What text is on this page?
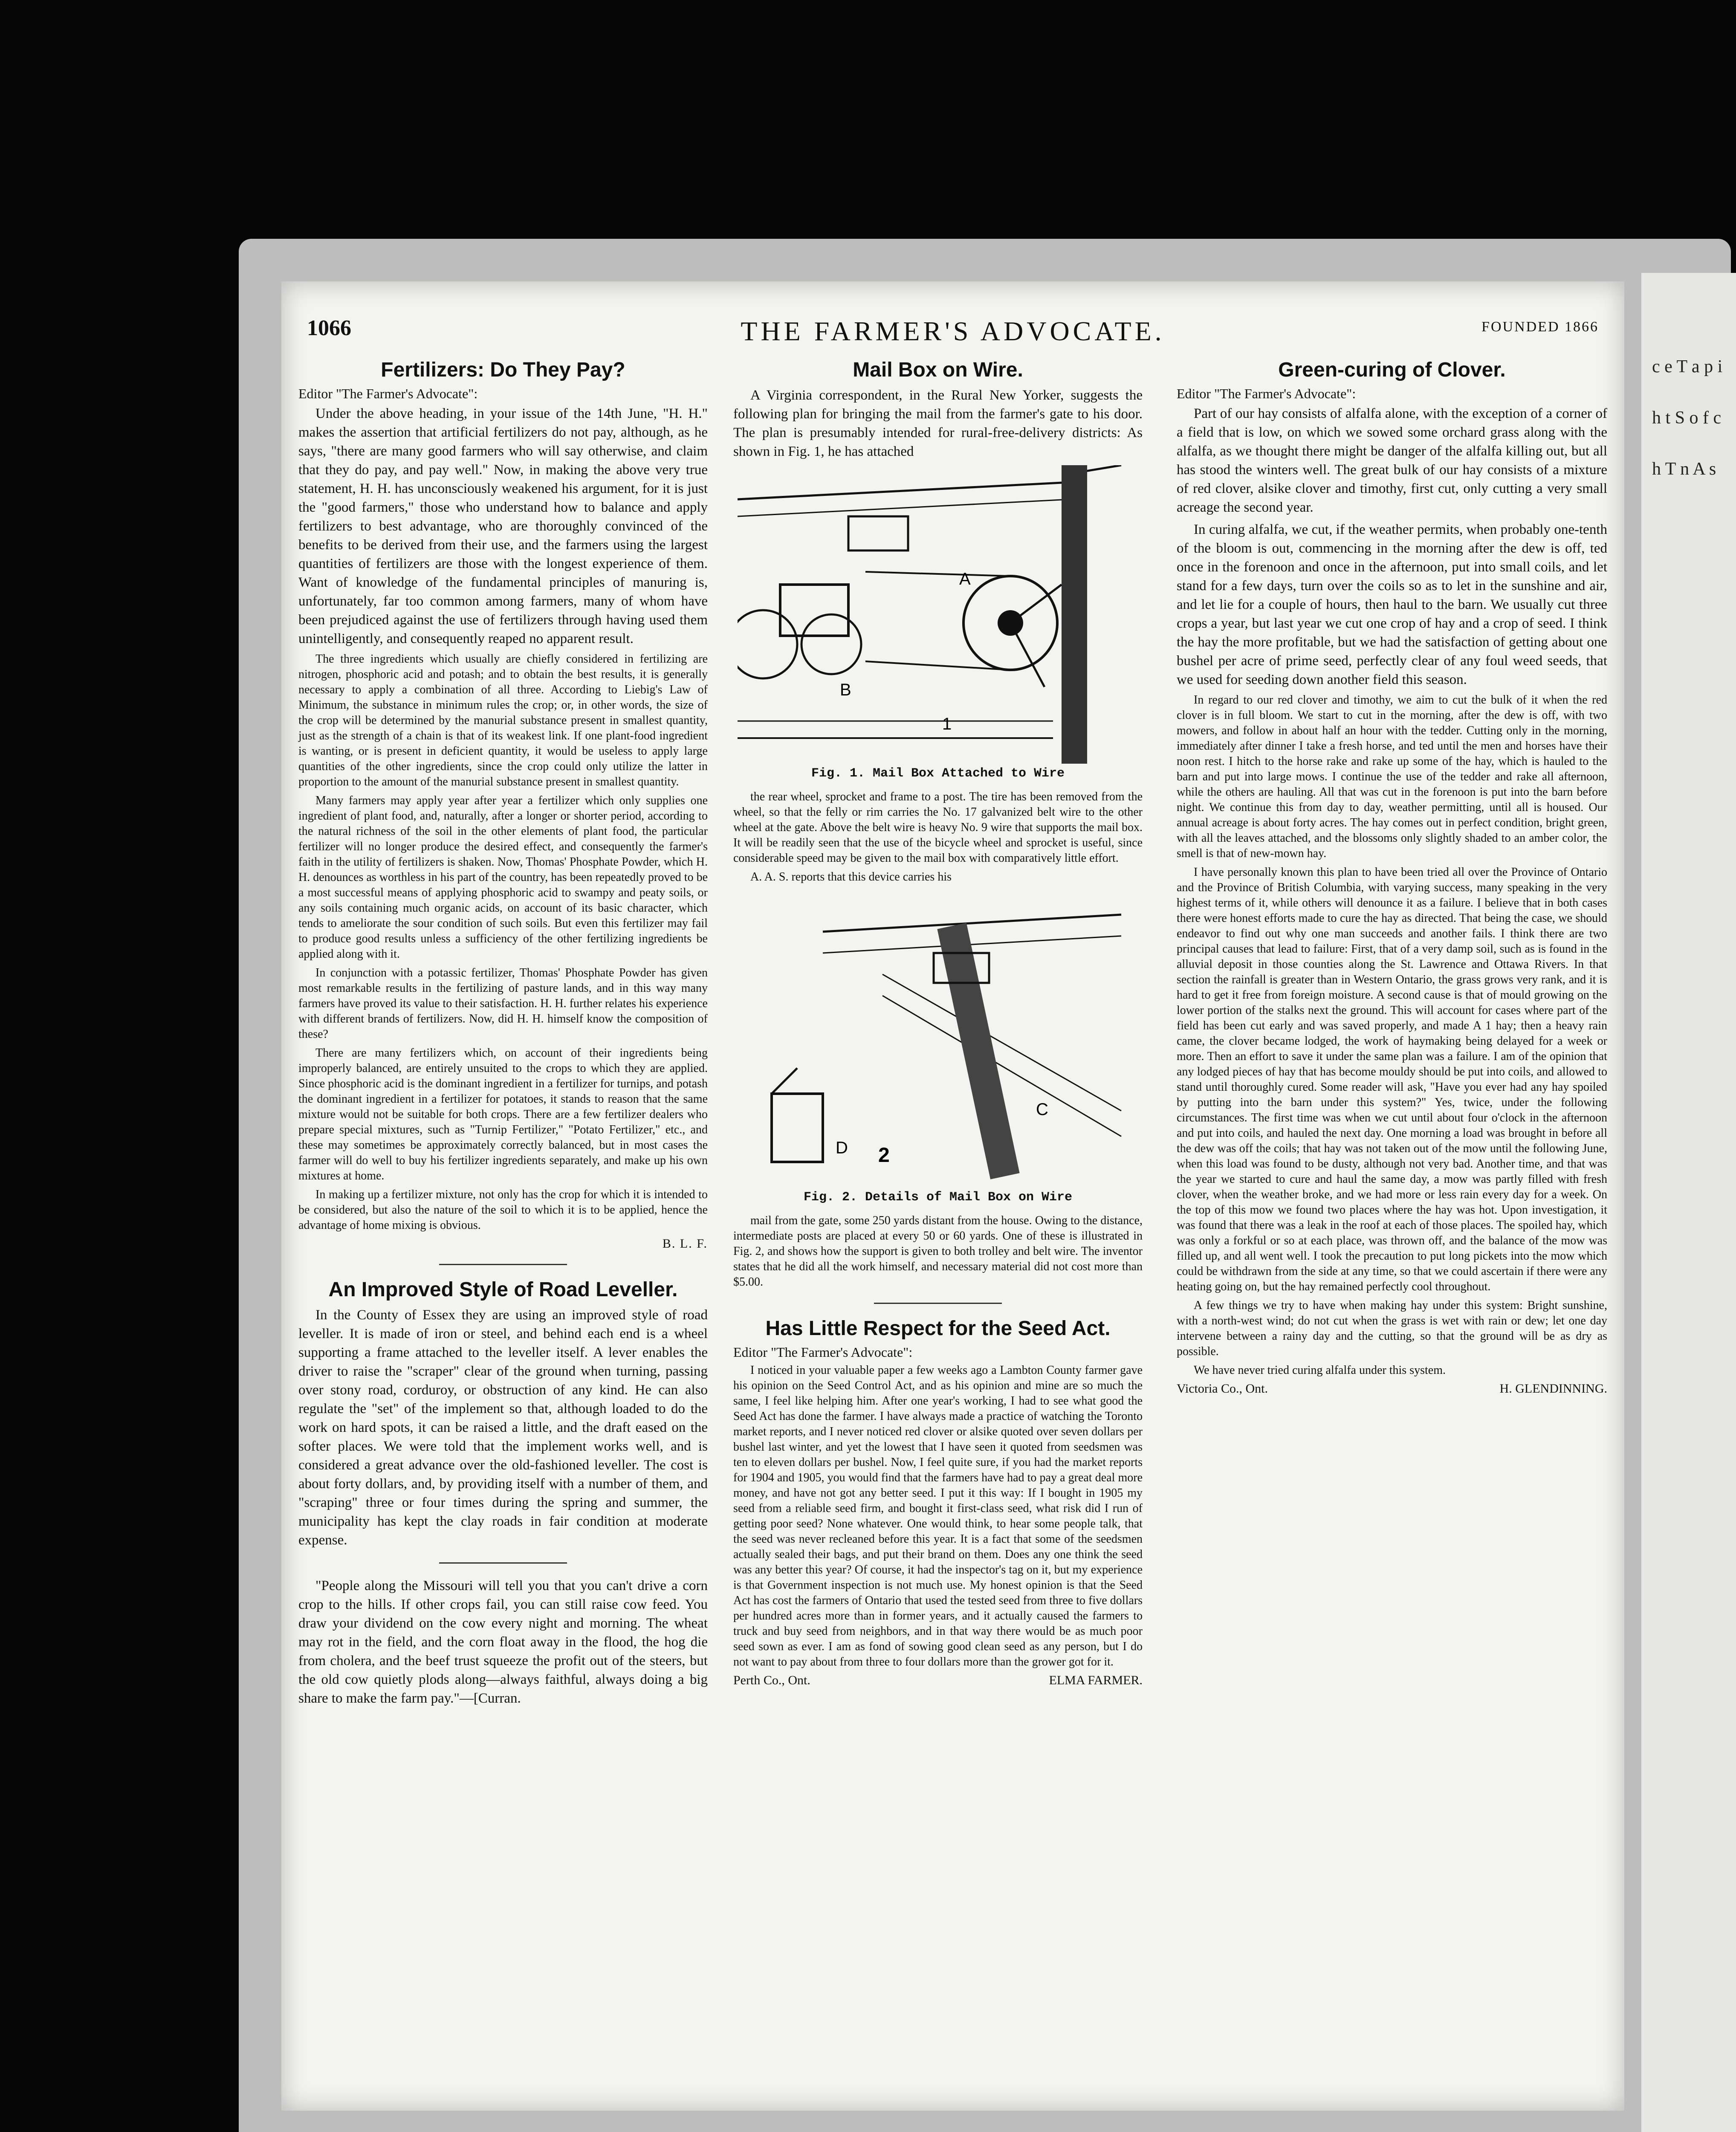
c e T a p i h t S o f c h T n A s
1066	THE FARMER'S ADVOCATE.	FOUNDED 1866
Fertilizers: Do They Pay?
Editor "The Farmer's Advocate":

Under the above heading, in your issue of the 14th June, "H. H." makes the assertion that artificial fertilizers do not pay, although, as he says, "there are many good farmers who will say otherwise, and claim that they do pay, and pay well." Now, in making the above very true statement, H. H. has unconsciously weakened his argument, for it is just the "good farmers," those who understand how to balance and apply fertilizers to best advantage, who are thoroughly convinced of the benefits to be derived from their use, and the farmers using the largest quantities of fertilizers are those with the longest experience of them. Want of knowledge of the fundamental principles of manuring is, unfortunately, far too common among farmers, many of whom have been prejudiced against the use of fertilizers through having used them unintelligently, and consequently reaped no apparent result.

The three ingredients which usually are chiefly considered in fertilizing are nitrogen, phosphoric acid and potash; and to obtain the best results, it is generally necessary to apply a combination of all three. According to Liebig's Law of Minimum, the substance in minimum rules the crop; or, in other words, the size of the crop will be determined by the manurial substance present in smallest quantity, just as the strength of a chain is that of its weakest link. If one plant-food ingredient is wanting, or is present in deficient quantity, it would be useless to apply large quantities of the other ingredients, since the crop could only utilize the latter in proportion to the amount of the manurial substance present in smallest quantity.

Many farmers may apply year after year a fertilizer which only supplies one ingredient of plant food, and, naturally, after a longer or shorter period, according to the natural richness of the soil in the other elements of plant food, the particular fertilizer will no longer produce the desired effect, and consequently the farmer's faith in the utility of fertilizers is shaken. Now, Thomas' Phosphate Powder, which H. H. denounces as worthless in his part of the country, has been repeatedly proved to be a most successful means of applying phosphoric acid to swampy and peaty soils, or any soils containing much organic acids, on account of its basic character, which tends to ameliorate the sour condition of such soils. But even this fertilizer may fail to produce good results unless a sufficiency of the other fertilizing ingredients be applied along with it.

In conjunction with a potassic fertilizer, Thomas' Phosphate Powder has given most remarkable results in the fertilizing of pasture lands, and in this way many farmers have proved its value to their satisfaction. H. H. further relates his experience with different brands of fertilizers. Now, did H. H. himself know the composition of these?

There are many fertilizers which, on account of their ingredients being improperly balanced, are entirely unsuited to the crops to which they are applied. Since phosphoric acid is the dominant ingredient in a fertilizer for turnips, and potash the dominant ingredient in a fertilizer for potatoes, it stands to reason that the same mixture would not be suitable for both crops. There are a few fertilizer dealers who prepare special mixtures, such as "Turnip Fertilizer," "Potato Fertilizer," etc., and these may sometimes be approximately correctly balanced, but in most cases the farmer will do well to buy his fertilizer ingredients separately, and make up his own mixtures at home.

In making up a fertilizer mixture, not only has the crop for which it is intended to be considered, but also the nature of the soil to which it is to be applied, hence the advantage of home mixing is obvious.

B. L. F.
An Improved Style of Road Leveller.

In the County of Essex they are using an improved style of road leveller. It is made of iron or steel, and behind each end is a wheel supporting a frame attached to the leveller itself. A lever enables the driver to raise the "scraper" clear of the ground when turning, passing over stony road, corduroy, or obstruction of any kind. He can also regulate the "set" of the implement so that, although loaded to do the work on hard spots, it can be raised a little, and the draft eased on the softer places. We were told that the implement works well, and is considered a great advance over the old-fashioned leveller. The cost is about forty dollars, and, by providing itself with a number of them, and "scraping" three or four times during the spring and summer, the municipality has kept the clay roads in fair condition at moderate expense.

"People along the Missouri will tell you that you can't drive a corn crop to the hills. If other crops fail, you can still raise cow feed. You draw your dividend on the cow every night and morning. The wheat may rot in the field, and the corn float away in the flood, the hog die from cholera, and the beef trust squeeze the profit out of the steers, but the old cow quietly plods along—always faithful, always doing a big share to make the farm pay."—[Curran.

Mail Box on Wire.

A Virginia correspondent, in the Rural New Yorker, suggests the following plan for bringing the mail from the farmer's gate to his door. The plan is presumably intended for rural-free-delivery districts: As shown in Fig. 1, he has attached

A
B
1
Fig. 1. Mail Box Attached to Wire

the rear wheel, sprocket and frame to a post. The tire has been removed from the wheel, so that the felly or rim carries the No. 17 galvanized belt wire to the other wheel at the gate. Above the belt wire is heavy No. 9 wire that supports the mail box. It will be readily seen that the use of the bicycle wheel and sprocket is useful, since considerable speed may be given to the mail box with comparatively little effort.

A. A. S. reports that this device carries his

C
D 2
Fig. 2. Details of Mail Box on Wire

mail from the gate, some 250 yards distant from the house. Owing to the distance, intermediate posts are placed at every 50 or 60 yards. One of these is illustrated in Fig. 2, and shows how the support is given to both trolley and belt wire. The inventor states that he did all the work himself, and necessary material did not cost more than $5.00.

Has Little Respect for the Seed Act.
Editor "The Farmer's Advocate":

I noticed in your valuable paper a few weeks ago a Lambton County farmer gave his opinion on the Seed Control Act, and as his opinion and mine are so much the same, I feel like helping him. After one year's working, I had to see what good the Seed Act has done the farmer. I have always made a practice of watching the Toronto market reports, and I never noticed red clover or alsike quoted over seven dollars per bushel last winter, and yet the lowest that I have seen it quoted from seedsmen was ten to eleven dollars per bushel. Now, I feel quite sure, if you had the market reports for 1904 and 1905, you would find that the farmers have had to pay a great deal more money, and have not got any better seed. I put it this way: If I bought in 1905 my seed from a reliable seed firm, and bought it first-class seed, what risk did I run of getting poor seed? None whatever. One would think, to hear some people talk, that the seed was never recleaned before this year. It is a fact that some of the seedsmen actually sealed their bags, and put their brand on them. Does any one think the seed was any better this year? Of course, it had the inspector's tag on it, but my experience is that Government inspection is not much use. My honest opinion is that the Seed Act has cost the farmers of Ontario that used the tested seed from three to five dollars per hundred acres more than in former years, and it actually caused the farmers to truck and buy seed from neighbors, and in that way there would be as much poor seed sown as ever. I am as fond of sowing good clean seed as any person, but I do not want to pay about from three to four dollars more than the grower got for it.

Perth Co., Ont.	ELMA FARMER.
Green-curing of Clover.
Editor "The Farmer's Advocate":

Part of our hay consists of alfalfa alone, with the exception of a corner of a field that is low, on which we sowed some orchard grass along with the alfalfa, as we thought there might be danger of the alfalfa killing out, but all has stood the winters well. The great bulk of our hay consists of a mixture of red clover, alsike clover and timothy, first cut, only cutting a very small acreage the second year.

In curing alfalfa, we cut, if the weather permits, when probably one-tenth of the bloom is out, commencing in the morning after the dew is off, ted once in the forenoon and once in the afternoon, put into small coils, and let stand for a few days, turn over the coils so as to let in the sunshine and air, and let lie for a couple of hours, then haul to the barn. We usually cut three crops a year, but last year we cut one crop of hay and a crop of seed. I think the hay the more profitable, but we had the satisfaction of getting about one bushel per acre of prime seed, perfectly clear of any foul weed seeds, that we used for seeding down another field this season.

In regard to our red clover and timothy, we aim to cut the bulk of it when the red clover is in full bloom. We start to cut in the morning, after the dew is off, with two mowers, and follow in about half an hour with the tedder. Cutting only in the morning, immediately after dinner I take a fresh horse, and ted until the men and horses have their noon rest. I hitch to the horse rake and rake up some of the hay, which is hauled to the barn and put into large mows. I continue the use of the tedder and rake all afternoon, while the others are hauling. All that was cut in the forenoon is put into the barn before night. We continue this from day to day, weather permitting, until all is housed. Our annual acreage is about forty acres. The hay comes out in perfect condition, bright green, with all the leaves attached, and the blossoms only slightly shaded to an amber color, the smell is that of new-mown hay.

I have personally known this plan to have been tried all over the Province of Ontario and the Province of British Columbia, with varying success, many speaking in the very highest terms of it, while others will denounce it as a failure. I believe that in both cases there were honest efforts made to cure the hay as directed. That being the case, we should endeavor to find out why one man succeeds and another fails. I think there are two principal causes that lead to failure: First, that of a very damp soil, such as is found in the alluvial deposit in those counties along the St. Lawrence and Ottawa Rivers. In that section the rainfall is greater than in Western Ontario, the grass grows very rank, and it is hard to get it free from foreign moisture. A second cause is that of mould growing on the lower portion of the stalks next the ground. This will account for cases where part of the field has been cut early and was saved properly, and made A 1 hay; then a heavy rain came, the clover became lodged, the work of haymaking being delayed for a week or more. Then an effort to save it under the same plan was a failure. I am of the opinion that any lodged pieces of hay that has become mouldy should be put into coils, and allowed to stand until thoroughly cured. Some reader will ask, "Have you ever had any hay spoiled by putting into the barn under this system?" Yes, twice, under the following circumstances. The first time was when we cut until about four o'clock in the afternoon and put into coils, and hauled the next day. One morning a load was brought in before all the dew was off the coils; that hay was not taken out of the mow until the following June, when this load was found to be dusty, although not very bad. Another time, and that was the year we started to cure and haul the same day, a mow was partly filled with fresh clover, when the weather broke, and we had more or less rain every day for a week. On the top of this mow we found two places where the hay was hot. Upon investigation, it was found that there was a leak in the roof at each of those places. The spoiled hay, which was only a forkful or so at each place, was thrown off, and the balance of the mow was filled up, and all went well. I took the precaution to put long pickets into the mow which could be withdrawn from the side at any time, so that we could ascertain if there were any heating going on, but the hay remained perfectly cool throughout.

A few things we try to have when making hay under this system: Bright sunshine, with a north-west wind; do not cut when the grass is wet with rain or dew; let one day intervene between a rainy day and the cutting, so that the ground will be as dry as possible.

We have never tried curing alfalfa under this system.

Victoria Co., Ont.	H. GLENDINNING.
